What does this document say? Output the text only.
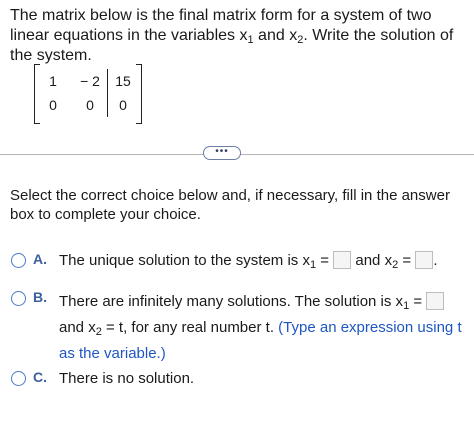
The matrix below is the final matrix form for a system of two linear equations in the variables $x_1$ and $x_2$. Write the solution of the system.

1	− 2	15
0	0	0
•••

Select the correct choice below and, if necessary, fill in the answer box to complete your choice.

A. The unique solution to the system is $x_1$ = and $x_2$ = .
B. There are infinitely many solutions. The solution is $x_1$ =
and $x_2 = t$, for any real number t. (Type an expression using t as the variable.)
C. There is no solution.
